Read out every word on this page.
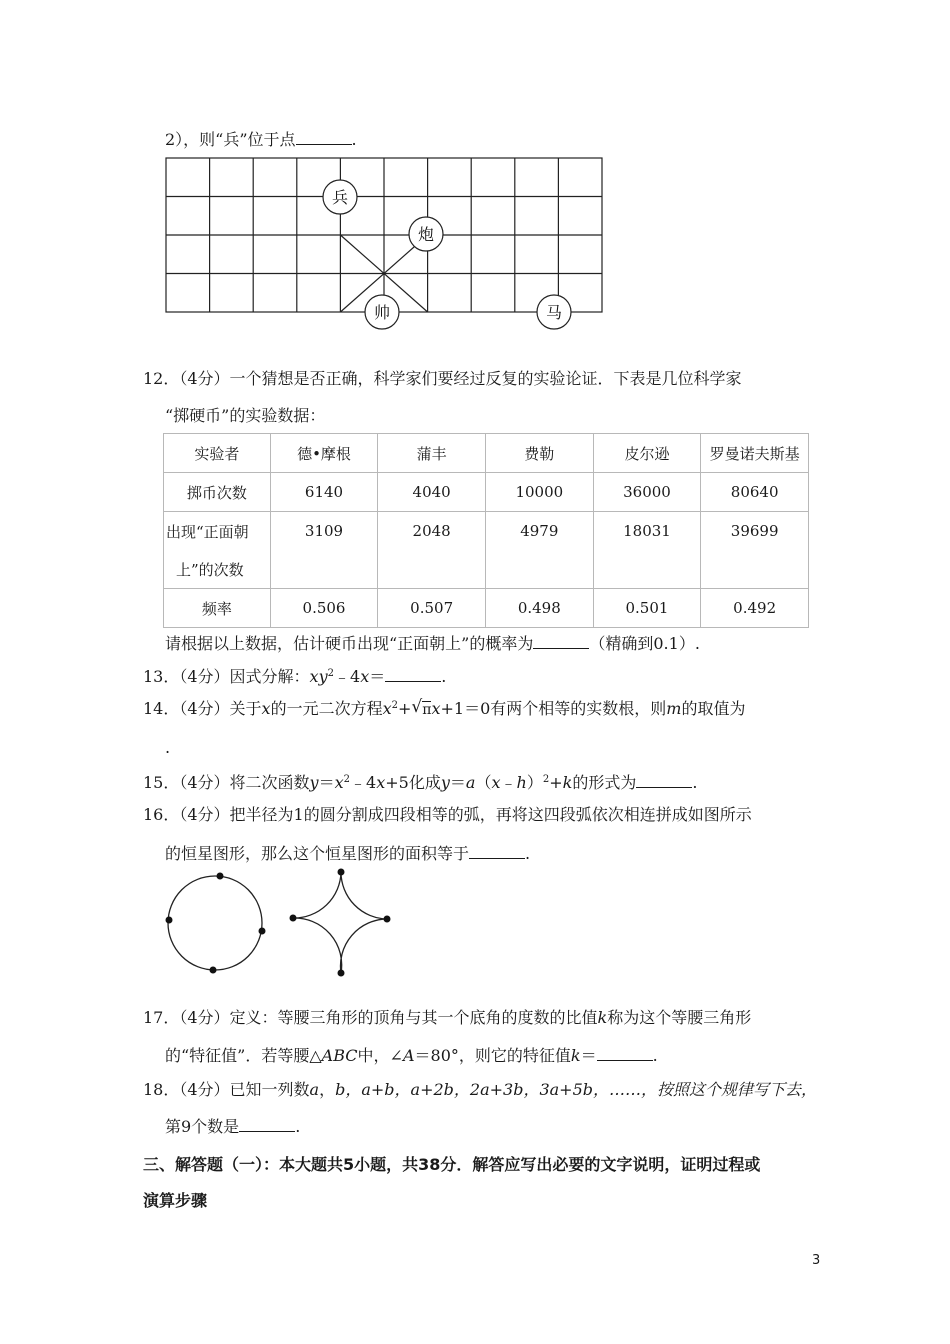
2），则“兵”位于点	.
兵
炮
帅	马
12．（4分）一个猜想是否正确，科学家们要经过反复的实验论证．下表是几位科学家
“掷硬币”的实验数据：
实验者	德•摩根	蒲丰	费勒	皮尔逊	罗曼诺夫斯基
掷币次数	6140	4040	10000	36000	80640

出现“正面朝
上”的次数	3109	2048	4979	18031	39699
频率	0.506	0.507	0.498	0.501	0.492
请根据以上数据，估计硬币出现“正面朝上”的概率为	（精确到0.1）.
13．（4分）因式分解：$xy^2﹣4x=$	.
14．（4分）关于x的一元二次方程$x^2+√\pi x+1=0$有两个相等的实数根，则m的取值为
.
15．（4分）将二次函数$y=x^2﹣4x+5$化成y＝a（x﹣h）$^2$+k的形式为	.
16．（4分）把半径为1的圆分割成四段相等的弧，再将这四段弧依次相连拼成如图所示
的恒星图形，那么这个恒星图形的面积等于	.
17．（4分）定义：等腰三角形的顶角与其一个底角的度数的比值k称为这个等腰三角形
的“特征值”．若等腰△ABC中，∠A＝80°，则它的特征值k＝	.
18．（4分）已知一列数a，b，a+b，a+2b，2a+3b，3a+5b，……，按照这个规律写下去，
第9个数是	.
三、解答题（一）：本大题共5小题，共38分．解答应写出必要的文字说明，证明过程或
演算步骤
3
